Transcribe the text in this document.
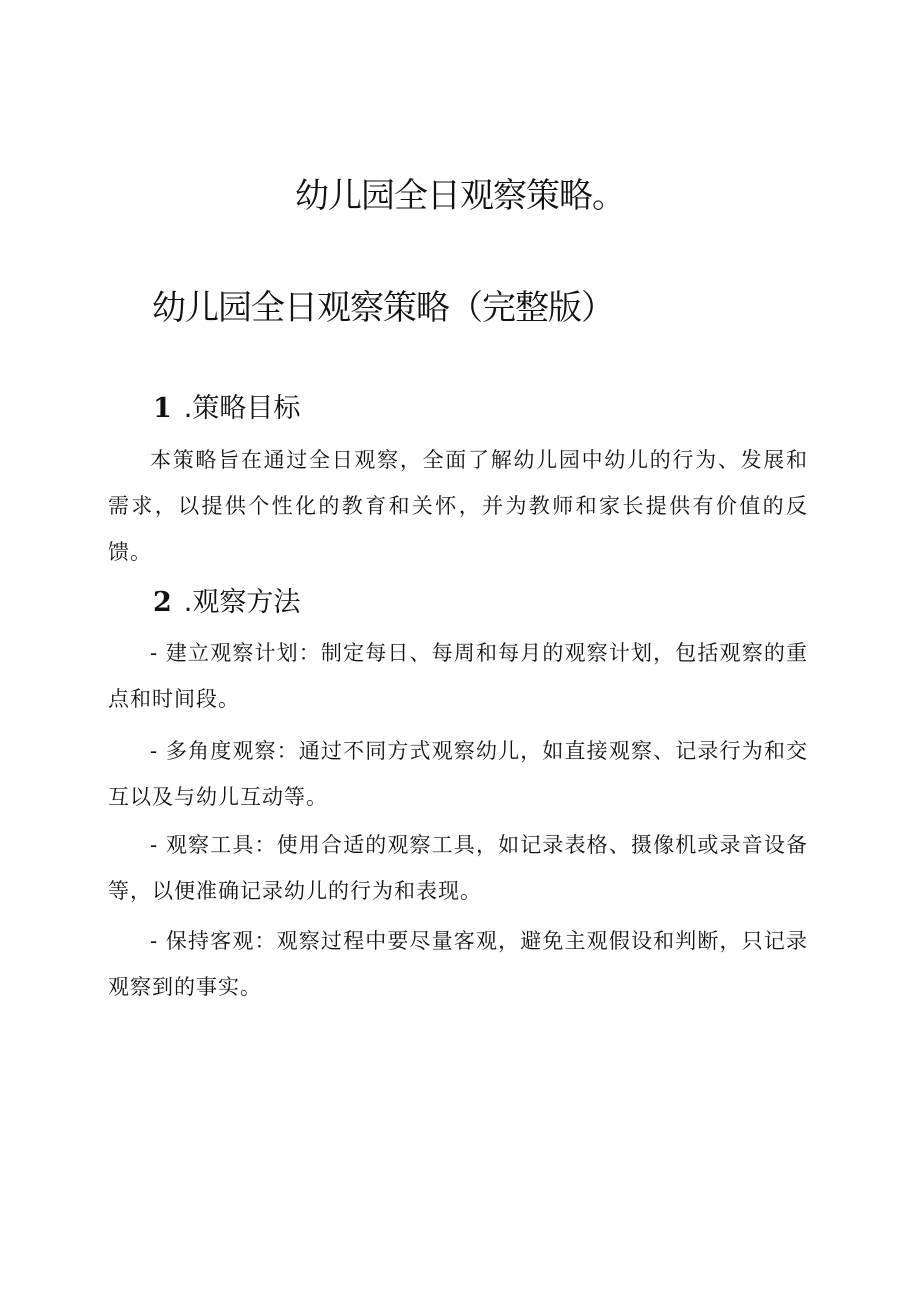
幼儿园全日观察策略。
幼儿园全日观察策略（完整版）
1 .策略目标

本策略旨在通过全日观察，全面了解幼儿园中幼儿的行为、发展和需求，以提供个性化的教育和关怀，并为教师和家长提供有价值的反馈。

2 .观察方法

- 建立观察计划：制定每日、每周和每月的观察计划，包括观察的重点和时间段。

- 多角度观察：通过不同方式观察幼儿，如直接观察、记录行为和交互以及与幼儿互动等。

- 观察工具：使用合适的观察工具，如记录表格、摄像机或录音设备等，以便准确记录幼儿的行为和表现。

- 保持客观：观察过程中要尽量客观，避免主观假设和判断，只记录观察到的事实。
